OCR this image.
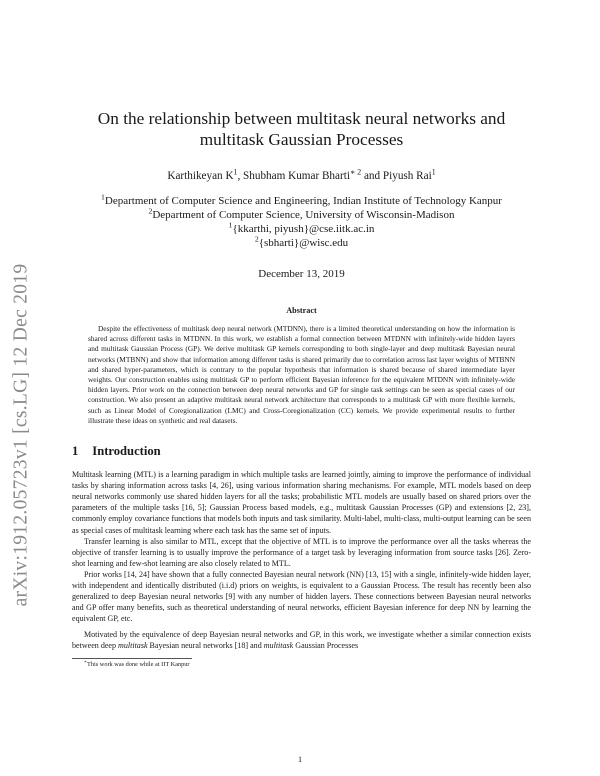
arXiv:1912.05723v1 [cs.LG] 12 Dec 2019
On the relationship between multitask neural networks and
multitask Gaussian Processes
Karthikeyan $K^1$, Shubham Kumar Bharti$^{∗ 2}$ and Piyush Rai$^1$
$^1$Department of Computer Science and Engineering, Indian Institute of Technology Kanpur
$^2$Department of Computer Science, University of Wisconsin-Madison
$^1${kkarthi, piyush}@cse.iitk.ac.in
$^2${sbharti}@wisc.edu
December 13, 2019
Abstract

Despite the effectiveness of multitask deep neural network (MTDNN), there is a limited theoretical understanding on how the information is shared across different tasks in MTDNN. In this work, we establish a formal connection between MTDNN with infinitely-wide hidden layers and multitask Gaussian Process (GP). We derive multitask GP kernels corresponding to both single-layer and deep multitask Bayesian neural networks (MTBNN) and show that information among different tasks is shared primarily due to correlation across last layer weights of MTBNN and shared hyper-parameters, which is contrary to the popular hypothesis that information is shared because of shared intermediate layer weights. Our construction enables using multitask GP to perform efficient Bayesian inference for the equivalent MTDNN with infinitely-wide hidden layers. Prior work on the connection between deep neural networks and GP for single task settings can be seen as special cases of our construction. We also present an adaptive multitask neural network architecture that corresponds to a multitask GP with more flexible kernels, such as Linear Model of Coregionalization (LMC) and Cross-Coregionalization (CC) kernels. We provide experimental results to further illustrate these ideas on synthetic and real datasets.

1 Introduction

Multitask learning (MTL) is a learning paradigm in which multiple tasks are learned jointly, aiming to improve the performance of individual tasks by sharing information across tasks [4, 26], using various information sharing mechanisms. For example, MTL models based on deep neural networks commonly use shared hidden layers for all the tasks; probabilistic MTL models are usually based on shared priors over the parameters of the multiple tasks [16, 5]; Gaussian Process based models, e.g., multitask Gaussian Processes (GP) and extensions [2, 23], commonly employ covariance functions that models both inputs and task similarity. Multi-label, multi-class, multi-output learning can be seen as special cases of multitask learning where each task has the same set of inputs.

Transfer learning is also similar to MTL, except that the objective of MTL is to improve the performance over all the tasks whereas the objective of transfer learning is to usually improve the performance of a target task by leveraging information from source tasks [26]. Zero-shot learning and few-shot learning are also closely related to MTL.

Prior works [14, 24] have shown that a fully connected Bayesian neural network (NN) [13, 15] with a single, infinitely-wide hidden layer, with independent and identically distributed (i.i.d) priors on weights, is equivalent to a Gaussian Process. The result has recently been also generalized to deep Bayesian neural networks [9] with any number of hidden layers. These connections between Bayesian neural networks and GP offer many benefits, such as theoretical understanding of neural networks, efficient Bayesian inference for deep NN by learning the equivalent GP, etc.

Motivated by the equivalence of deep Bayesian neural networks and GP, in this work, we investigate whether a similar connection exists between deep multitask Bayesian neural networks [18] and multitask Gaussian Processes

∗This work was done while at IIT Kanpur
1
